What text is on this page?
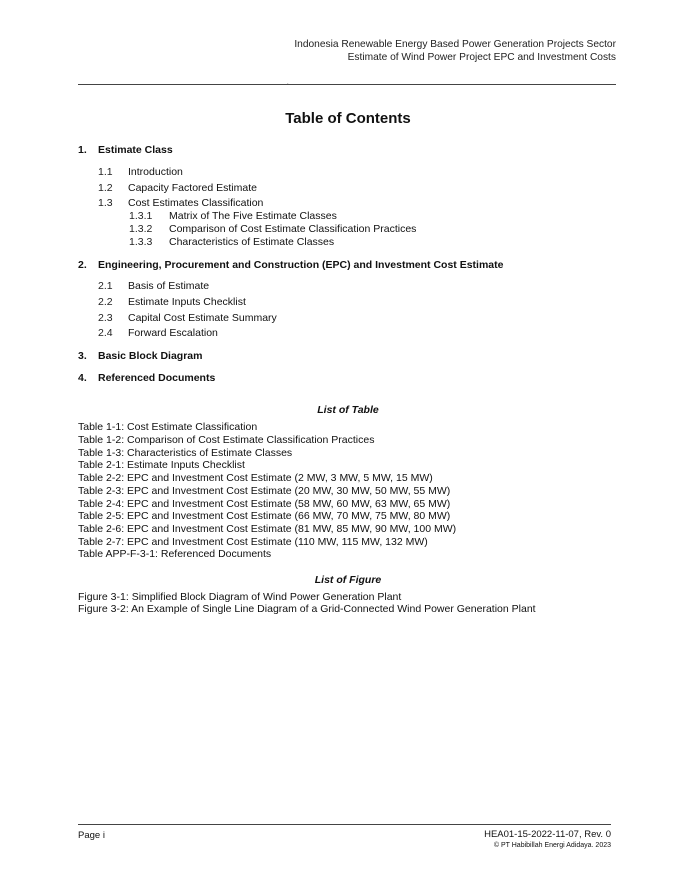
Indonesia Renewable Energy Based Power Generation Projects Sector
Estimate of Wind Power Project EPC and Investment Costs
.
Table of Contents
1. Estimate Class
1.1 Introduction
1.2 Capacity Factored Estimate
1.3 Cost Estimates Classification
1.3.1 Matrix of The Five Estimate Classes
1.3.2 Comparison of Cost Estimate Classification Practices
1.3.3 Characteristics of Estimate Classes
2. Engineering, Procurement and Construction (EPC) and Investment Cost Estimate
2.1 Basis of Estimate
2.2 Estimate Inputs Checklist
2.3 Capital Cost Estimate Summary
2.4 Forward Escalation
3. Basic Block Diagram
4. Referenced Documents
List of Table
Table 1-1: Cost Estimate Classification
Table 1-2: Comparison of Cost Estimate Classification Practices
Table 1-3: Characteristics of Estimate Classes
Table 2-1: Estimate Inputs Checklist
Table 2-2: EPC and Investment Cost Estimate (2 MW, 3 MW, 5 MW, 15 MW)
Table 2-3: EPC and Investment Cost Estimate (20 MW, 30 MW, 50 MW, 55 MW)
Table 2-4: EPC and Investment Cost Estimate (58 MW, 60 MW, 63 MW, 65 MW)
Table 2-5: EPC and Investment Cost Estimate (66 MW, 70 MW, 75 MW, 80 MW)
Table 2-6: EPC and Investment Cost Estimate (81 MW, 85 MW, 90 MW, 100 MW)
Table 2-7: EPC and Investment Cost Estimate (110 MW, 115 MW, 132 MW)
Table APP-F-3-1: Referenced Documents
List of Figure
Figure 3-1: Simplified Block Diagram of Wind Power Generation Plant
Figure 3-2: An Example of Single Line Diagram of a Grid-Connected Wind Power Generation Plant
Page i	HEA01-15-2022-11-07, Rev. 0
© PT Habibillah Energi Adidaya. 2023
